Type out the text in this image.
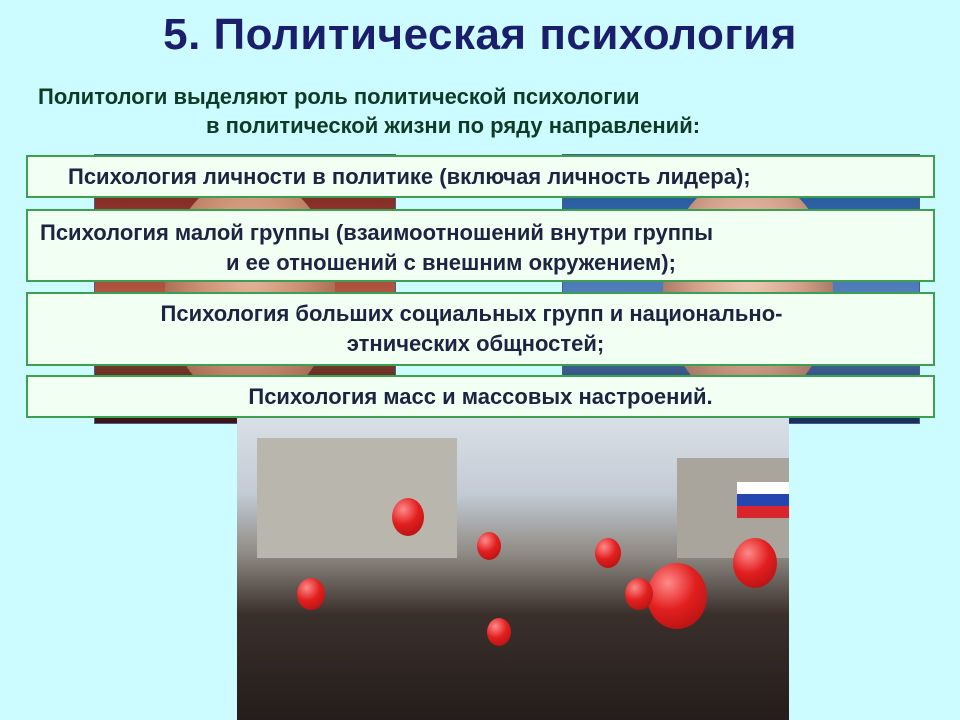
5. Политическая психология
Политологи выделяют роль политической психологии
в политической жизни по ряду направлений:
Психология личности в политике (включая личность лидера);
Психология малой группы (взаимоотношений внутри группы
и ее отношений с внешним окружением);
Психология больших социальных групп и национально-
этнических общностей;
Психология масс и массовых настроений.
